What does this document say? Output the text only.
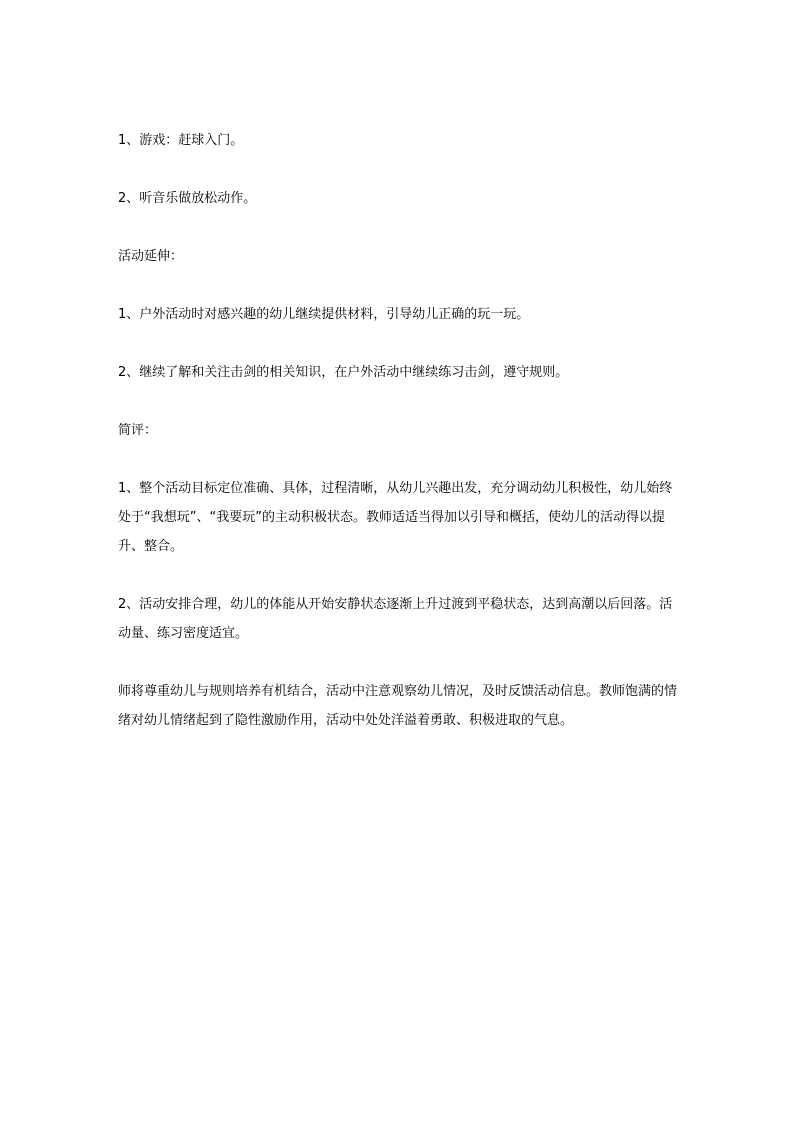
1、游戏：赶球入门。

2、听音乐做放松动作。

活动延伸：

1、户外活动时对感兴趣的幼儿继续提供材料，引导幼儿正确的玩一玩。

2、继续了解和关注击剑的相关知识，在户外活动中继续练习击剑，遵守规则。

简评：

1、整个活动目标定位准确、具体，过程清晰，从幼儿兴趣出发，充分调动幼儿积极性，幼儿始终处于“我想玩”、“我要玩”的主动积极状态。教师适适当得加以引导和概括，使幼儿的活动得以提升、整合。

2、活动安排合理，幼儿的体能从开始安静状态逐渐上升过渡到平稳状态，达到高潮以后回落。活动量、练习密度适宜。

师将尊重幼儿与规则培养有机结合，活动中注意观察幼儿情况，及时反馈活动信息。教师饱满的情绪对幼儿情绪起到了隐性激励作用，活动中处处洋溢着勇敢、积极进取的气息。
